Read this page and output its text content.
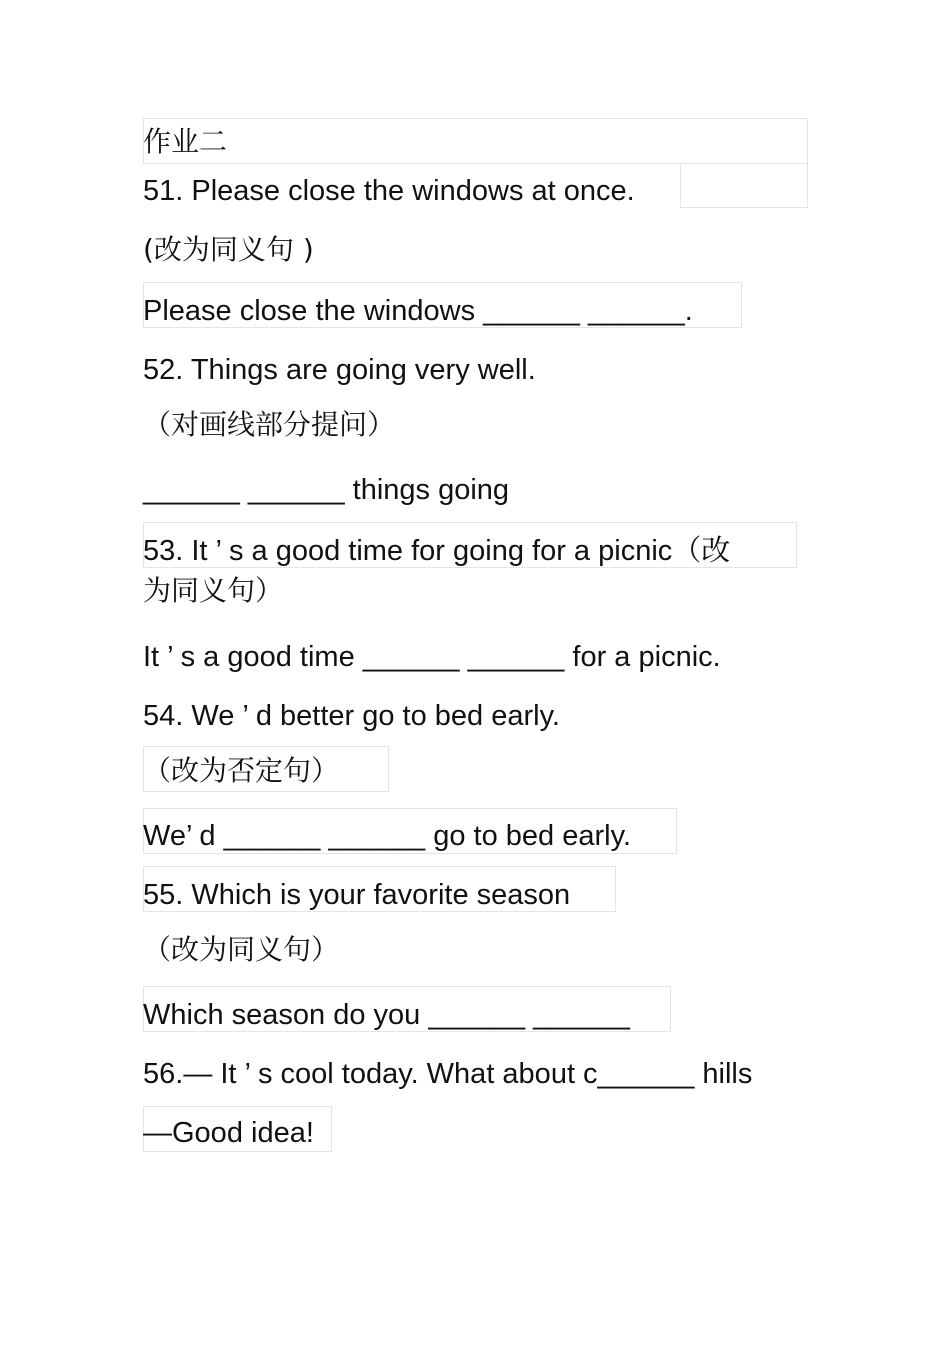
作业二
51. Please close the windows at once.
(改为同义句 )
Please close the windows ______ ______.
52. Things are going very well.
（对画线部分提问）
______ ______ things going
53. It ’ s a good time for going for a picnic（改
为同义句）
It ’ s a good time ______ ______ for a picnic.
54. We ’ d better go to bed early.
（改为否定句）
We’ d ______ ______ go to bed early.
55. Which is your favorite season
（改为同义句）
Which season do you ______ ______
56.— It ’ s cool today. What about c______ hills
—Good idea!
